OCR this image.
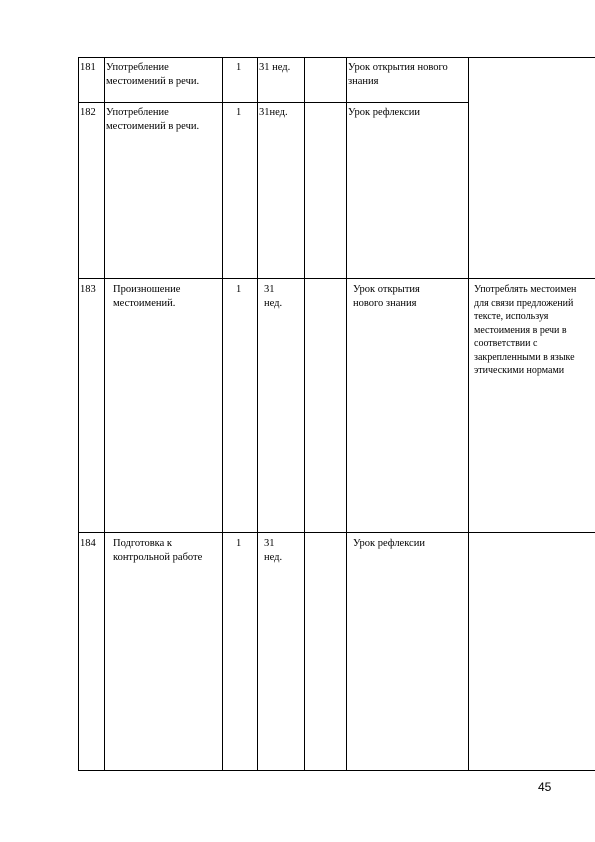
181 Употребление
местоимений в речи.
1 31 нед.	Урок открытия нового
знания
182 Употребление
местоимений в речи.
1 31нед.	Урок рефлексии
183 Произношение
местоимений.
1 31
нед.
Урок открытия
нового знания
Употреблять местоимен
для связи предложений
тексте, используя
местоимения в речи в
соответствии с
закрепленными в языке
этическими нормами
184 Подготовка к
контрольной работе
1 31
нед.
Урок рефлексии
45
